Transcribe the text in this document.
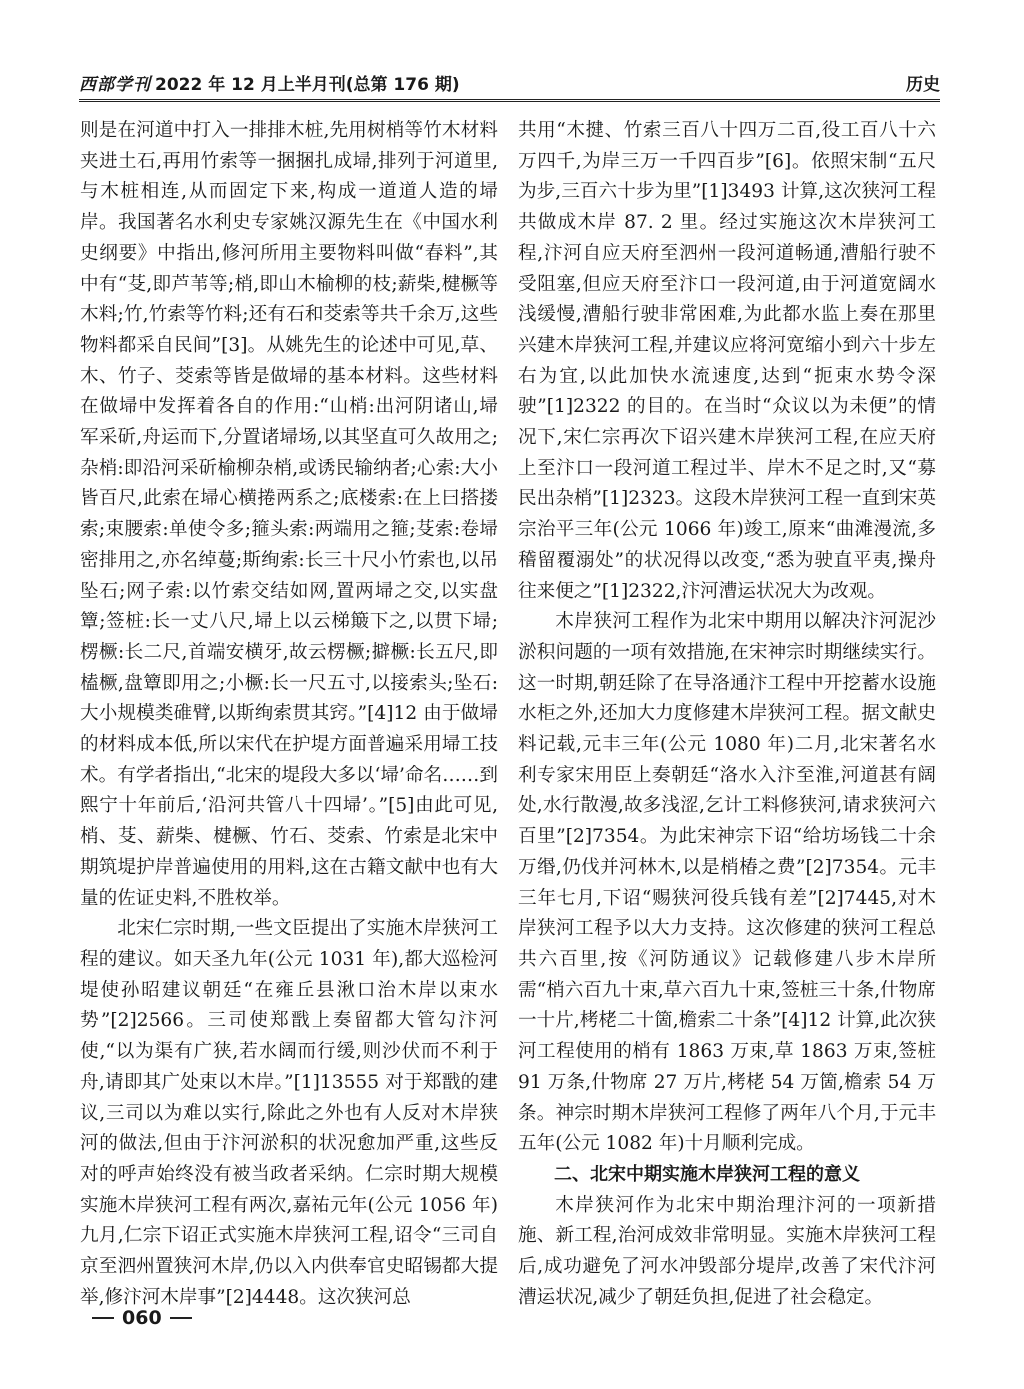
西部学刊 2022 年 12 月上半月刊(总第 176 期)	历史

则是在河道中打入一排排木桩,先用树梢等竹木材料夹进土石,再用竹索等一捆捆扎成埽,排列于河道里,与木桩相连,从而固定下来,构成一道道人造的埽岸。我国著名水利史专家姚汉源先生在《中国水利史纲要》中指出,修河所用主要物料叫做“春料”,其中有“芟,即芦苇等;梢,即山木榆柳的枝;薪柴,楗橛等木料;竹,竹索等竹料;还有石和茭索等共千余万,这些物料都采自民间”[3]。从姚先生的论述中可见,草、木、竹子、茭索等皆是做埽的基本材料。这些材料在做埽中发挥着各自的作用:“山梢:出河阴诸山,埽军采斫,舟运而下,分置诸埽场,以其坚直可久故用之;杂梢:即沿河采斫榆柳杂梢,或诱民输纳者;心索:大小皆百尺,此索在埽心横捲两系之;底楼索:在上曰搭搂索;束腰索:单使令多;箍头索:两端用之箍;芟索:卷埽密排用之,亦名绰蔓;斯绚索:长三十尺小竹索也,以吊坠石;网子索:以竹索交结如网,置两埽之交,以实盘簟;签桩:长一丈八尺,埽上以云梯簸下之,以贯下埽;楞橛:长二尺,首端安横牙,故云楞橛;擗橛:长五尺,即榼橛,盘簟即用之;小橛:长一尺五寸,以接索头;坠石:大小规模类碓臂,以斯绚索贯其窍。”[4]12 由于做埽的材料成本低,所以宋代在护堤方面普遍采用埽工技术。有学者指出,“北宋的堤段大多以‘埽’命名……到熙宁十年前后,‘沿河共管八十四埽’。”[5]由此可见,梢、芟、薪柴、楗橛、竹石、茭索、竹索是北宋中期筑堤护岸普遍使用的用料,这在古籍文献中也有大量的佐证史料,不胜枚举。

北宋仁宗时期,一些文臣提出了实施木岸狭河工程的建议。如天圣九年(公元 1031 年),都大巡检河堤使孙昭建议朝廷“在雍丘县湫口治木岸以束水势”[2]2566。三司使郑戬上奏留都大管勾汴河使,“以为渠有广狭,若水阔而行缓,则沙伏而不利于舟,请即其广处束以木岸。”[1]13555 对于郑戬的建议,三司以为难以实行,除此之外也有人反对木岸狭河的做法,但由于汴河淤积的状况愈加严重,这些反对的呼声始终没有被当政者采纳。仁宗时期大规模实施木岸狭河工程有两次,嘉祐元年(公元 1056 年)九月,仁宗下诏正式实施木岸狭河工程,诏令“三司自京至泗州置狭河木岸,仍以入内供奉官史昭锡都大提举,修汴河木岸事”[2]4448。这次狭河总

共用“木揵、竹索三百八十四万二百,役工百八十六万四千,为岸三万一千四百步”[6]。依照宋制“五尺为步,三百六十步为里”[1]3493 计算,这次狭河工程共做成木岸 87. 2 里。经过实施这次木岸狭河工程,汴河自应天府至泗州一段河道畅通,漕船行驶不受阻塞,但应天府至汴口一段河道,由于河道宽阔水浅缓慢,漕船行驶非常困难,为此都水监上奏在那里兴建木岸狭河工程,并建议应将河宽缩小到六十步左右为宜,以此加快水流速度,达到“扼束水势令深驶”[1]2322 的目的。在当时“众议以为未便”的情况下,宋仁宗再次下诏兴建木岸狭河工程,在应天府上至汴口一段河道工程过半、岸木不足之时,又“募民出杂梢”[1]2323。这段木岸狭河工程一直到宋英宗治平三年(公元 1066 年)竣工,原来“曲滩漫流,多稽留覆溺处”的状况得以改变,“悉为驶直平夷,操舟往来便之”[1]2322,汴河漕运状况大为改观。

木岸狭河工程作为北宋中期用以解决汴河泥沙淤积问题的一项有效措施,在宋神宗时期继续实行。这一时期,朝廷除了在导洛通汴工程中开挖蓄水设施水柜之外,还加大力度修建木岸狭河工程。据文献史料记载,元丰三年(公元 1080 年)二月,北宋著名水利专家宋用臣上奏朝廷“洛水入汴至淮,河道甚有阔处,水行散漫,故多浅涩,乞计工料修狭河,请求狭河六百里”[2]7354。为此宋神宗下诏“给坊场钱二十余万缗,仍伐并河林木,以是梢椿之费”[2]7354。元丰三年七月,下诏“赐狭河役兵钱有差”[2]7445,对木岸狭河工程予以大力支持。这次修建的狭河工程总共六百里,按《河防通议》记载修建八步木岸所需“梢六百九十束,草六百九十束,签桩三十条,什物席一十片,栲栳二十箇,檐索二十条”[4]12 计算,此次狭河工程使用的梢有 1863 万束,草 1863 万束,签桩 91 万条,什物席 27 万片,栲栳 54 万箇,檐索 54 万条。神宗时期木岸狭河工程修了两年八个月,于元丰五年(公元 1082 年)十月顺利完成。

二、北宋中期实施木岸狭河工程的意义

木岸狭河作为北宋中期治理汴河的一项新措施、新工程,治河成效非常明显。实施木岸狭河工程后,成功避免了河水冲毁部分堤岸,改善了宋代汴河漕运状况,减少了朝廷负担,促进了社会稳定。

060
